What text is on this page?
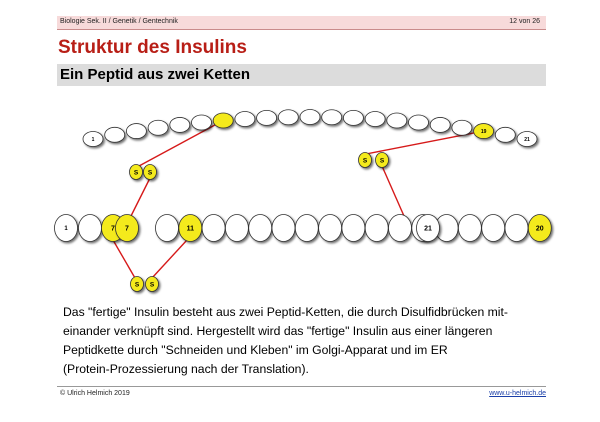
Biologie Sek. II / Genetik / Gentechnik	12 von 26
Struktur des Insulins
Ein Peptid aus zwei Ketten
1
19
21
1	7 7	11	20
21
S S
S S
S S

Das "fertige" Insulin besteht aus zwei Peptid-Ketten, die durch Disulfidbrücken mit-

einander verknüpft sind. Hergestellt wird das "fertige" Insulin aus einer längeren

Peptidkette durch "Schneiden und Kleben" im Golgi-Apparat und im ER

(Protein-Prozessierung nach der Translation).

© Ulrich Helmich 2019	www.u-helmich.de
